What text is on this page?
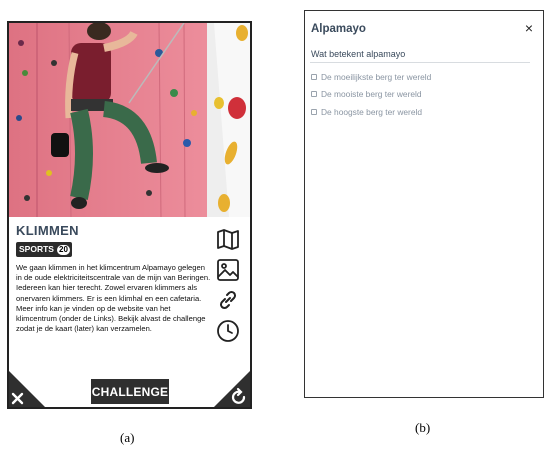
KLIMMEN
SPORTS 20
We gaan klimmen in het klimcentrum Alpamayo gelegen in de oude elektriciteitscentrale van de mijn van Beringen. Iedereen kan hier terecht. Zowel ervaren klimmers als onervaren klimmers. Er is een klimhal en een cafetaria. Meer info kan je vinden op de website van het klimcentrum (onder de Links). Bekijk alvast de challenge zodat je de kaart (later) kan verzamelen.
CHALLENGE
(a)
Alpamayo	×
Wat betekent alpamayo
De moeilijkste berg ter wereld
De mooiste berg ter wereld
De hoogste berg ter wereld
(b)
